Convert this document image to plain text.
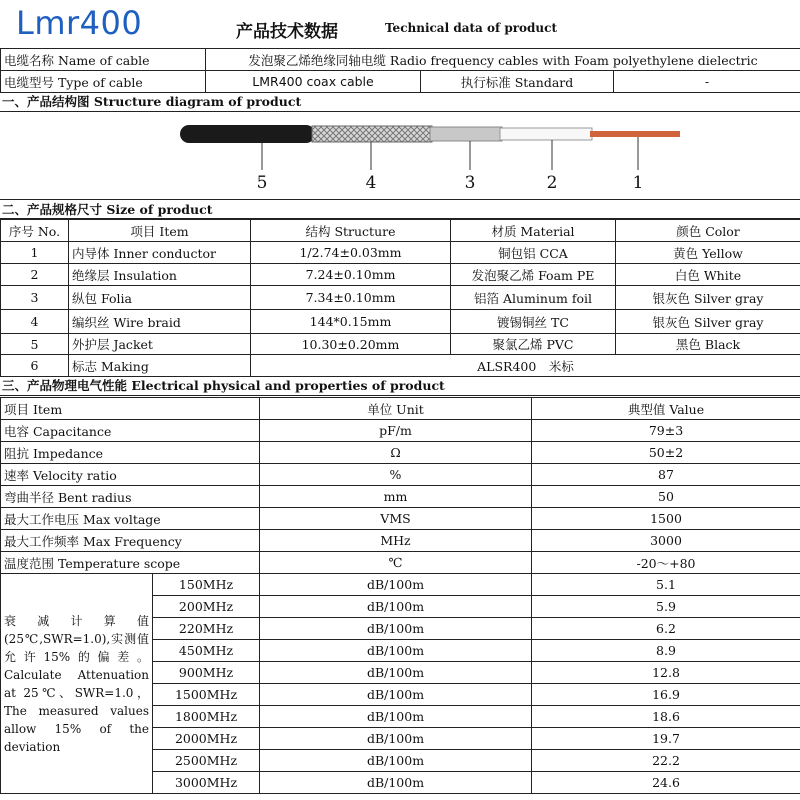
Lmr400	产品技术数据	Technical data of product
电缆名称 Name of cable	发泡聚乙烯绝缘同轴电缆 Radio frequency cables with Foam polyethylene dielectric		
电缆型号 Type of cable	LMR400 coax cable	执行标准 Standard	-
一、产品结构图 Structure diagram of product
5	4	3	2	1
二、产品规格尺寸 Size of product
序号 No.	项目 Item	结构 Structure	材质 Material	颜色 Color
1	内导体 Inner conductor	1/2.74±0.03mm	铜包铝 CCA	黄色 Yellow
2	绝缘层 Insulation	7.24±0.10mm	发泡聚乙烯 Foam PE	白色 White
3	纵包 Folia	7.34±0.10mm	铝箔 Aluminum foil	银灰色 Silver gray
4	编织丝 Wire braid	144*0.15mm	镀锡铜丝 TC	银灰色 Silver gray
5	外护层 Jacket	10.30±0.20mm	聚氯乙烯 PVC	黑色 Black
6	标志 Making	ALSR400　米标		
三、产品物理电气性能 Electrical physical and properties of product
项目 Item		单位 Unit	典型值 Value
电容 Capacitance		pF/m	79±3
阻抗 Impedance		Ω	50±2
速率 Velocity ratio		%	87
弯曲半径 Bent radius		mm	50
最大工作电压 Max voltage		VMS	1500
最大工作频率 Max Frequency		MHz	3000
温度范围 Temperature scope		℃	-20～+80
衰减计算值(25℃,SWR=1.0),实测值允许15%的偏差。Calculate Attenuation at 25℃、SWR=1.0，The measured values allow 15% of the deviation	150MHz	dB/100m	5.1
	200MHz	dB/100m	5.9
	220MHz	dB/100m	6.2
	450MHz	dB/100m	8.9
	900MHz	dB/100m	12.8
	1500MHz	dB/100m	16.9
	1800MHz	dB/100m	18.6
	2000MHz	dB/100m	19.7
	2500MHz	dB/100m	22.2
	3000MHz	dB/100m	24.6
